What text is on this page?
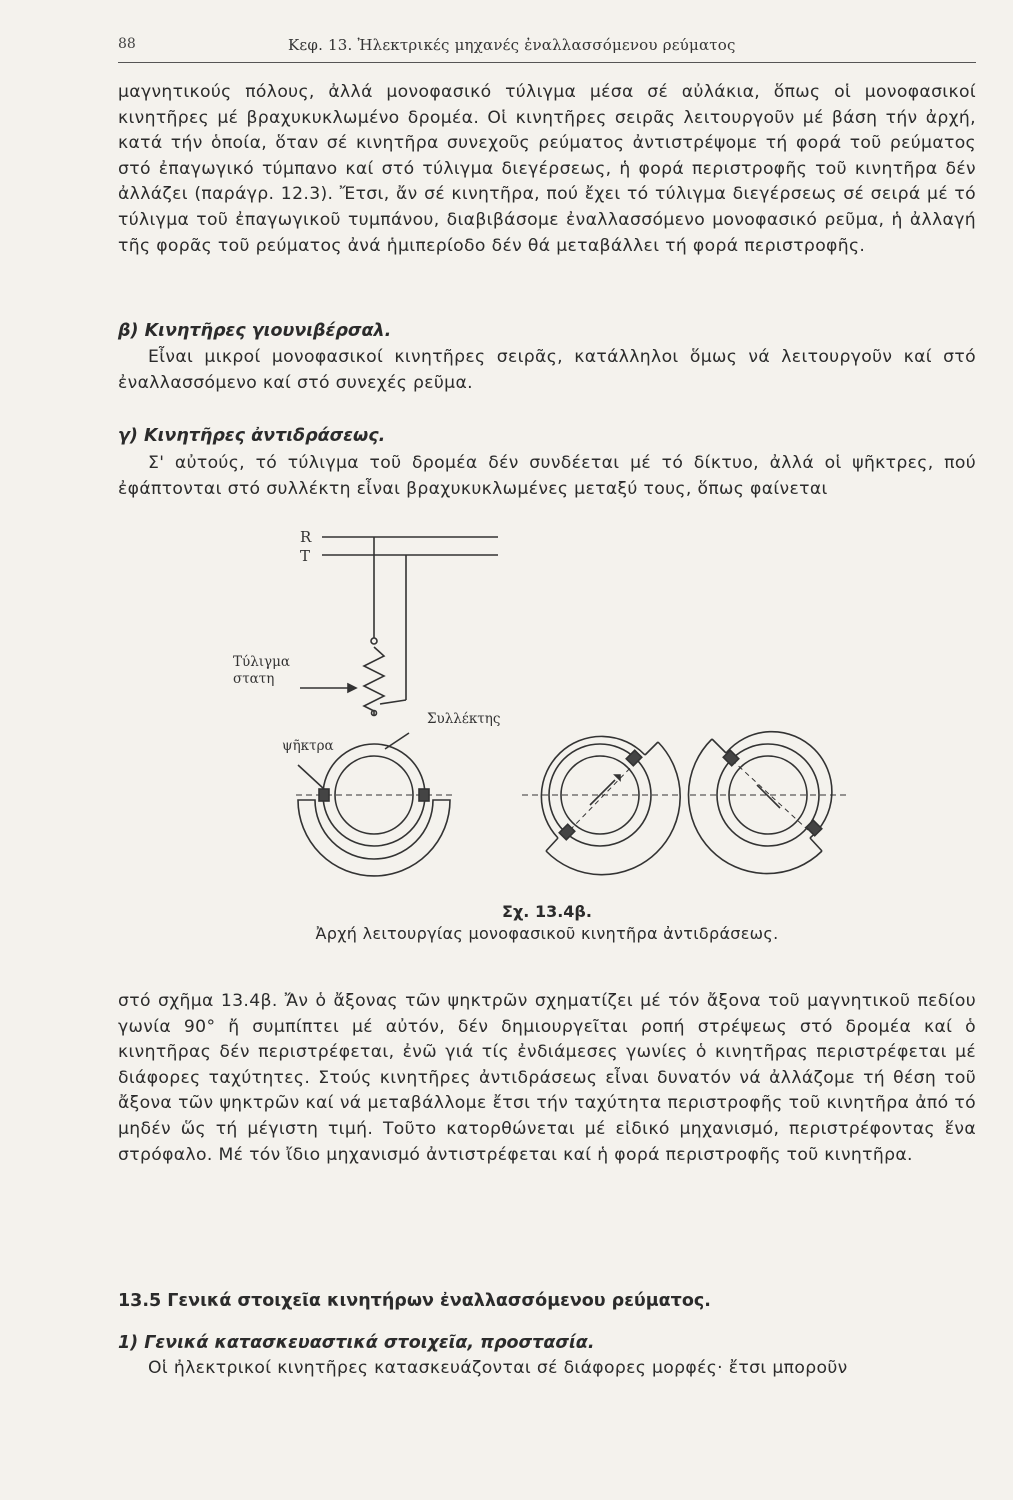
88	Κεφ. 13. Ἠλεκτρικές μηχανές ἐναλλασσόμενου ρεύματος

μαγνητικούς πόλους, ἀλλά μονοφασικό τύλιγμα μέσα σέ αὐλάκια, ὅπως οἱ μονοφασικοί κινητῆρες μέ βραχυκυκλωμένο δρομέα. Οἱ κινητῆρες σειρᾶς λειτουργοῦν μέ βάση τήν ἀρχή, κατά τήν ὁποία, ὅταν σέ κινητῆρα συνεχοῦς ρεύματος ἀντιστρέψομε τή φορά τοῦ ρεύματος στό ἐπαγωγικό τύμπανο καί στό τύλιγμα διεγέρσεως, ἡ φορά περιστροφῆς τοῦ κινητῆρα δέν ἀλλάζει (παράγρ. 12.3). Ἔτσι, ἄν σέ κινητῆρα, πού ἔχει τό τύλιγμα διεγέρσεως σέ σειρά μέ τό τύλιγμα τοῦ ἐπαγωγικοῦ τυμπάνου, διαβιβάσομε ἐναλλασσόμενο μονοφασικό ρεῦμα, ἡ ἀλλαγή τῆς φορᾶς τοῦ ρεύματος ἀνά ἡμιπερίοδο δέν θά μεταβάλλει τή φορά περιστροφῆς.

β) Κινητῆρες γιουνιβέρσαλ.

Εἶναι μικροί μονοφασικοί κινητῆρες σειρᾶς, κατάλληλοι ὅμως νά λειτουργοῦν καί στό ἐναλλασσόμενο καί στό συνεχές ρεῦμα.

γ) Κινητῆρες ἀντιδράσεως.

Σ' αὐτούς, τό τύλιγμα τοῦ δρομέα δέν συνδέεται μέ τό δίκτυο, ἀλλά οἱ ψῆκτρες, πού ἐφάπτονται στό συλλέκτη εἶναι βραχυκυκλωμένες μεταξύ τους, ὅπως φαίνεται

R
T
Τύλιγμα στατη
Συλλέκτης
ψῆκτρα

Σχ. 13.4β.

Ἀρχή λειτουργίας μονοφασικοῦ κινητῆρα ἀντιδράσεως.

στό σχῆμα 13.4β. Ἄν ὁ ἄξονας τῶν ψηκτρῶν σχηματίζει μέ τόν ἄξονα τοῦ μαγνητικοῦ πεδίου γωνία 90° ἤ συμπίπτει μέ αὐτόν, δέν δημιουργεῖται ροπή στρέψεως στό δρομέα καί ὁ κινητῆρας δέν περιστρέφεται, ἐνῶ γιά τίς ἐνδιάμεσες γωνίες ὁ κινητῆρας περιστρέφεται μέ διάφορες ταχύτητες. Στούς κινητῆρες ἀντιδράσεως εἶναι δυνατόν νά ἀλλάζομε τή θέση τοῦ ἄξονα τῶν ψηκτρῶν καί νά μεταβάλλομε ἔτσι τήν ταχύτητα περιστροφῆς τοῦ κινητῆρα ἀπό τό μηδέν ὥς τή μέγιστη τιμή. Τοῦτο κατορθώνεται μέ εἰδικό μηχανισμό, περιστρέφοντας ἕνα στρόφαλο. Μέ τόν ἴδιο μηχανισμό ἀντιστρέφεται καί ἡ φορά περιστροφῆς τοῦ κινητῆρα.

13.5 Γενικά στοιχεῖα κινητήρων ἐναλλασσόμενου ρεύματος.

1) Γενικά κατασκευαστικά στοιχεῖα, προστασία.

Οἱ ἠλεκτρικοί κινητῆρες κατασκευάζονται σέ διάφορες μορφές· ἔτσι μποροῦν
